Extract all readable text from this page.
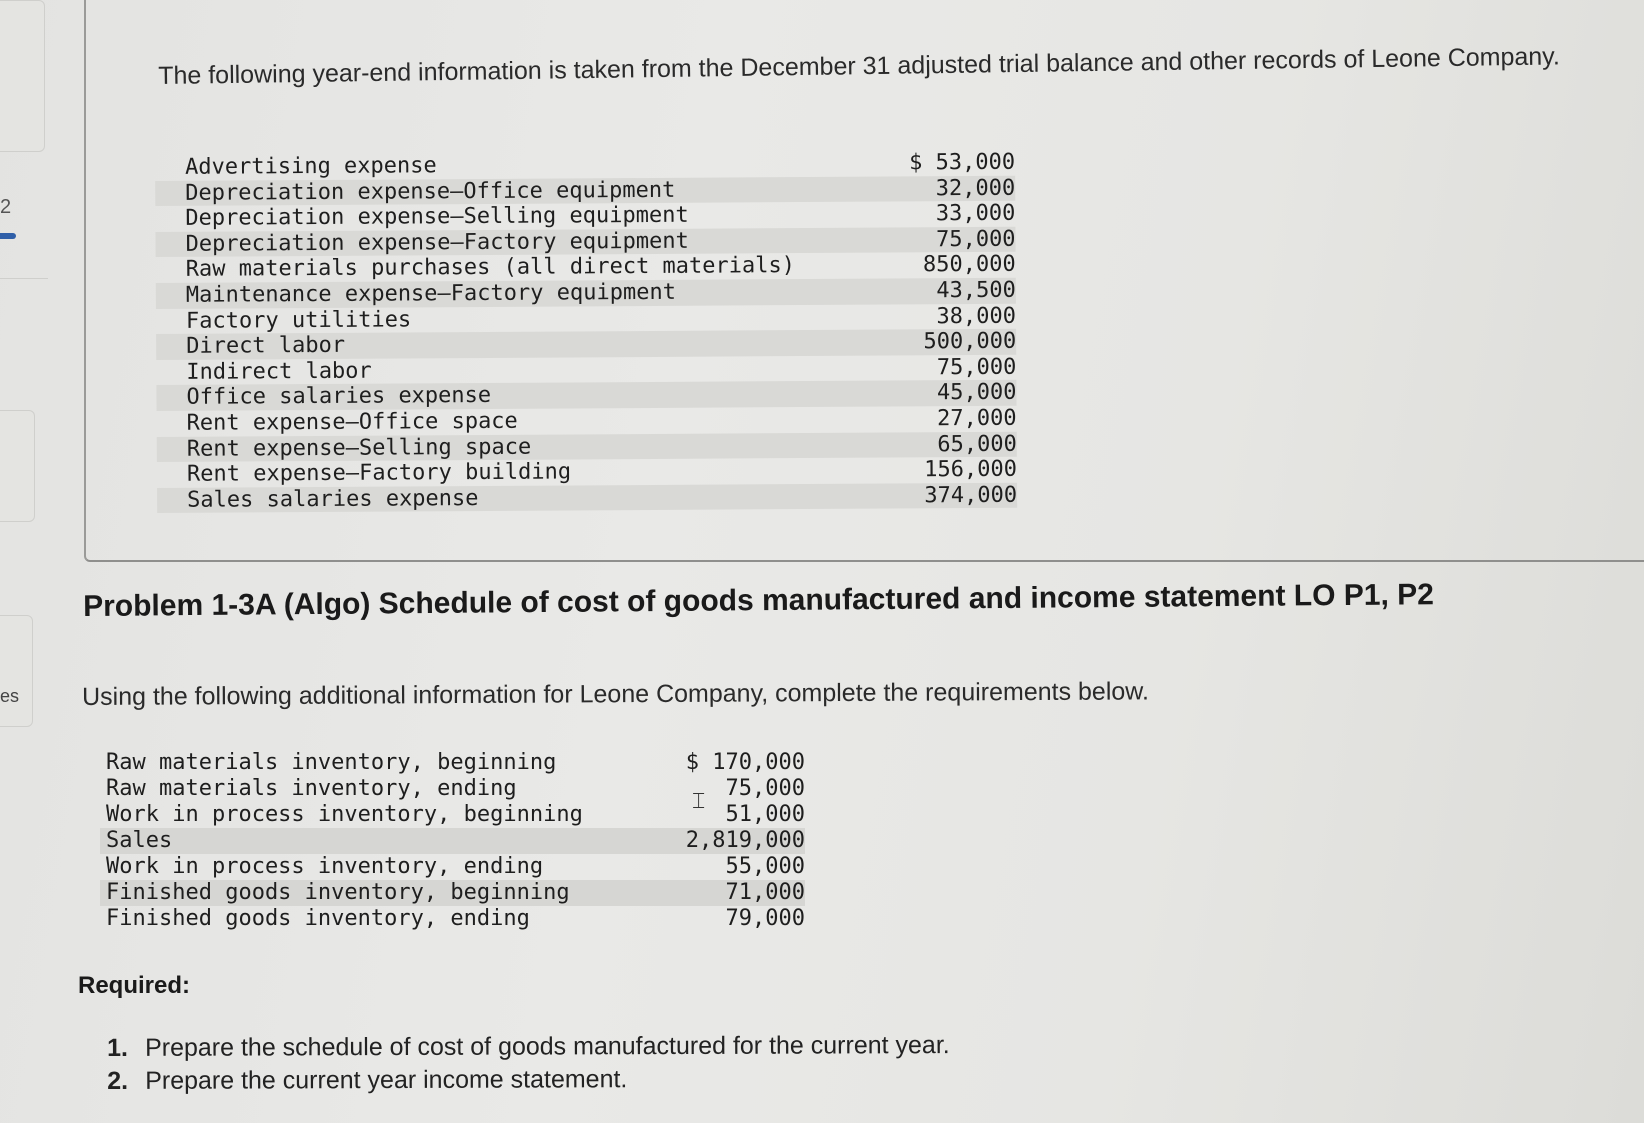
2
es
The following year-end information is taken from the December 31 adjusted trial balance and other records of Leone Company.
Advertising expense	$ 53,000
Depreciation expense—Office equipment	32,000
Depreciation expense—Selling equipment	33,000
Depreciation expense—Factory equipment	75,000
Raw materials purchases (all direct materials)	850,000
Maintenance expense—Factory equipment	43,500
Factory utilities	38,000
Direct labor	500,000
Indirect labor	75,000
Office salaries expense	45,000
Rent expense—Office space	27,000
Rent expense—Selling space	65,000
Rent expense—Factory building	156,000
Sales salaries expense	374,000
Problem 1-3A (Algo) Schedule of cost of goods manufactured and income statement LO P1, P2
Using the following additional information for Leone Company, complete the requirements below.
Raw materials inventory, beginning	$ 170,000
Raw materials inventory, ending	75,000
Work in process inventory, beginning	51,000
Sales	2,819,000
Work in process inventory, ending	55,000
Finished goods inventory, beginning	71,000
Finished goods inventory, ending	79,000
⌶
Required:
1. Prepare the schedule of cost of goods manufactured for the current year.
2. Prepare the current year income statement.
